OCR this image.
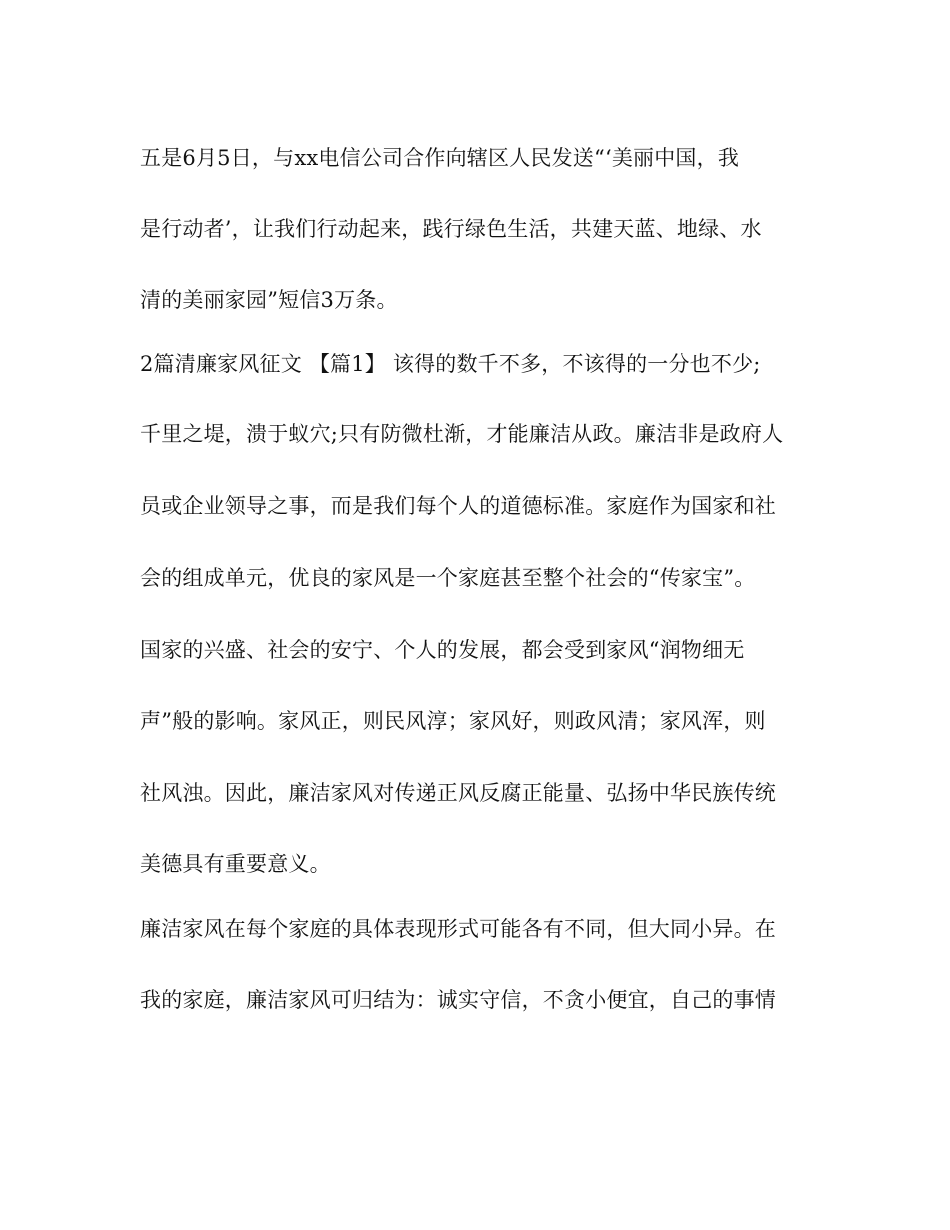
五是6月5日，与xx电信公司合作向辖区人民发送“‘美丽中国，我
是行动者’，让我们行动起来，践行绿色生活，共建天蓝、地绿、水
清的美丽家园”短信3万条。
2篇清廉家风征文 【篇1】 该得的数千不多，不该得的一分也不少;
千里之堤，溃于蚁穴;只有防微杜渐，才能廉洁从政。廉洁非是政府人
员或企业领导之事，而是我们每个人的道德标准。家庭作为国家和社
会的组成单元，优良的家风是一个家庭甚至整个社会的“传家宝”。
国家的兴盛、社会的安宁、个人的发展，都会受到家风“润物细无
声”般的影响。家风正，则民风淳；家风好，则政风清；家风浑，则
社风浊。因此，廉洁家风对传递正风反腐正能量、弘扬中华民族传统
美德具有重要意义。
廉洁家风在每个家庭的具体表现形式可能各有不同，但大同小异。在
我的家庭，廉洁家风可归结为：诚实守信，不贪小便宜，自己的事情
